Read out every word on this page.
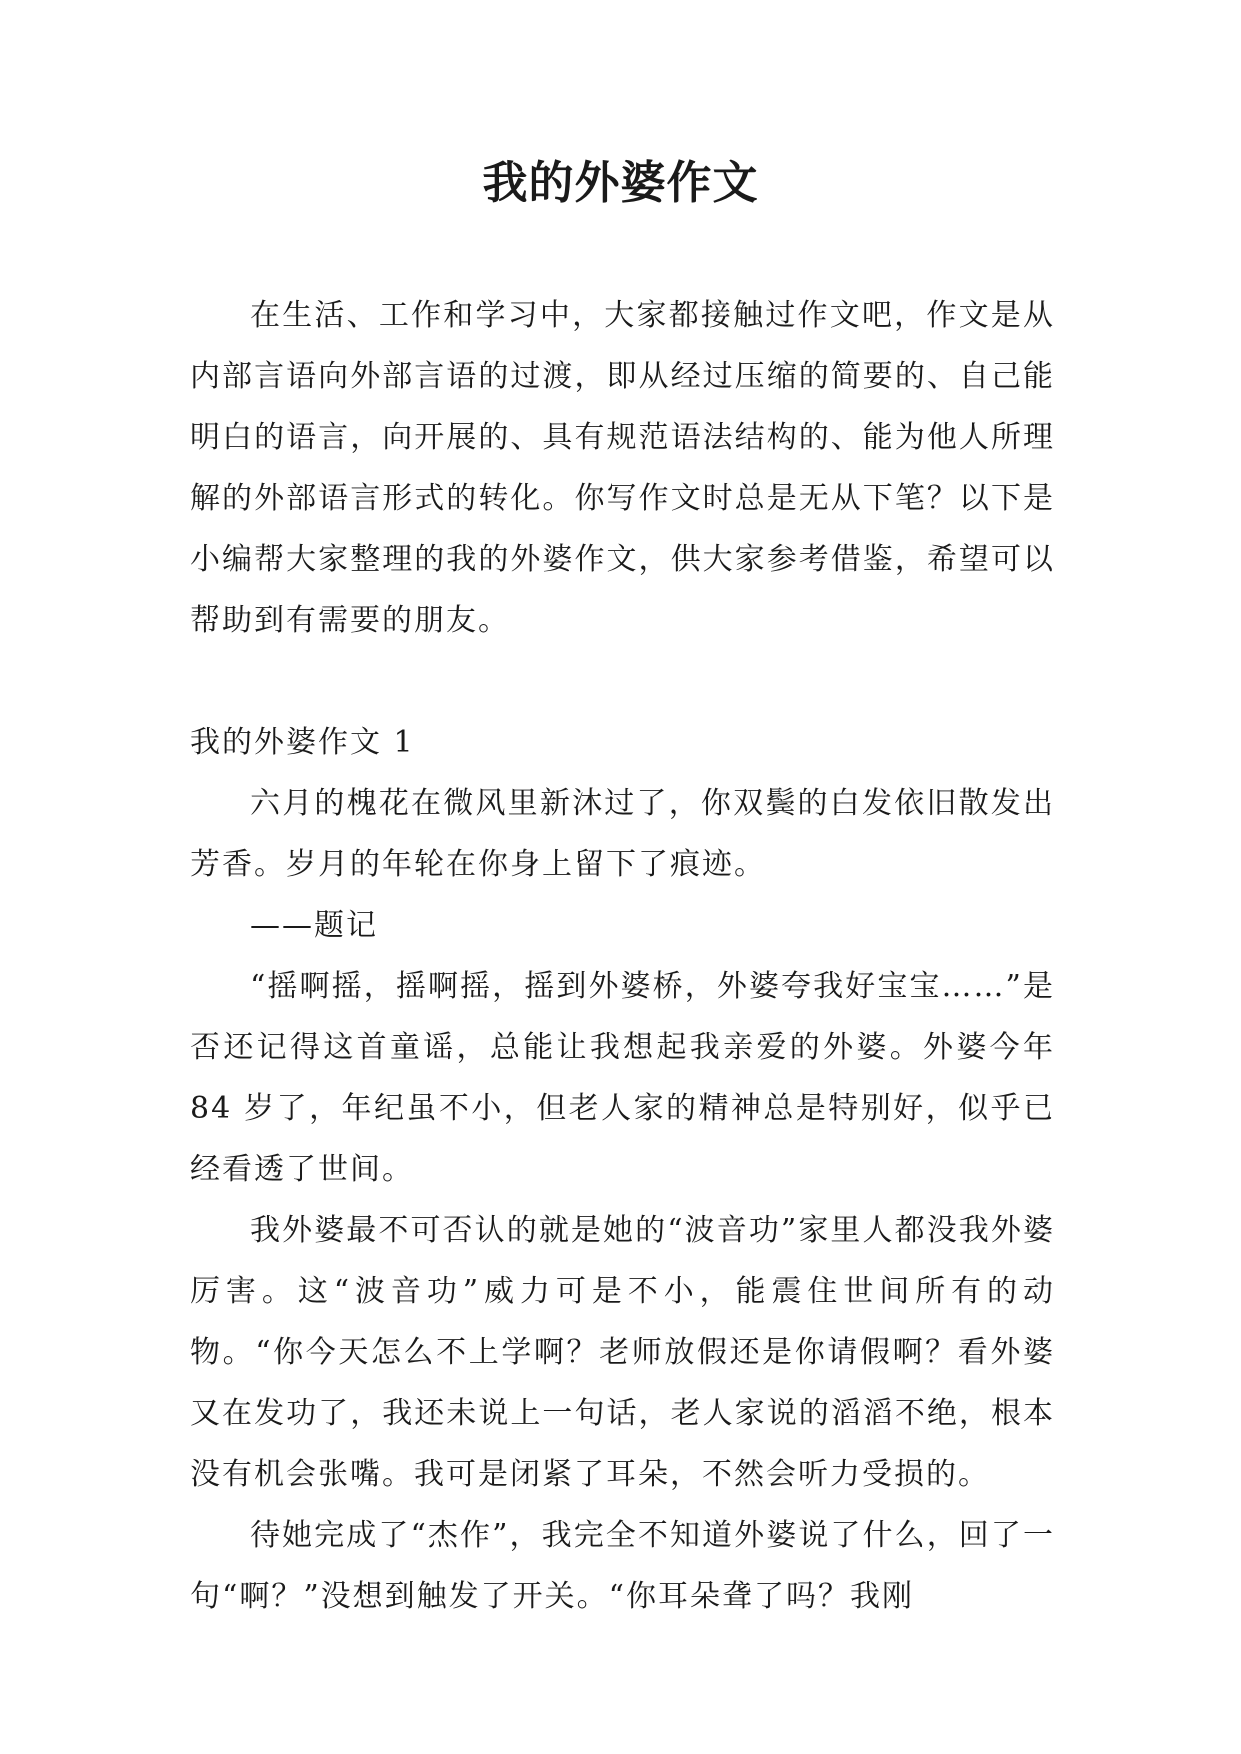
我的外婆作文

在生活、工作和学习中，大家都接触过作文吧，作文是从内部言语向外部言语的过渡，即从经过压缩的简要的、自己能明白的语言，向开展的、具有规范语法结构的、能为他人所理解的外部语言形式的转化。你写作文时总是无从下笔？以下是小编帮大家整理的我的外婆作文，供大家参考借鉴，希望可以帮助到有需要的朋友。

我的外婆作文 1

六月的槐花在微风里新沐过了，你双鬓的白发依旧散发出芳香。岁月的年轮在你身上留下了痕迹。

——题记

“摇啊摇，摇啊摇，摇到外婆桥，外婆夸我好宝宝……”是否还记得这首童谣，总能让我想起我亲爱的外婆。外婆今年 84 岁了，年纪虽不小，但老人家的精神总是特别好，似乎已经看透了世间。

我外婆最不可否认的就是她的“波音功”家里人都没我外婆厉害。这“波音功”威力可是不小，能震住世间所有的动物。“你今天怎么不上学啊？老师放假还是你请假啊？看外婆又在发功了，我还未说上一句话，老人家说的滔滔不绝，根本没有机会张嘴。我可是闭紧了耳朵，不然会听力受损的。

待她完成了“杰作”，我完全不知道外婆说了什么，回了一句“啊？”没想到触发了开关。“你耳朵聋了吗？我刚
